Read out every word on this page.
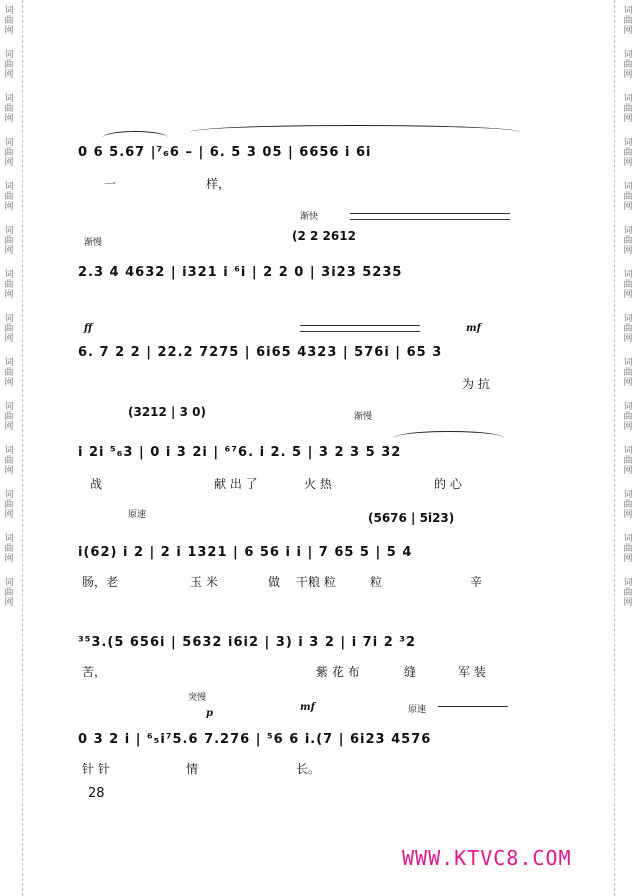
词
曲
网
词
曲
网
词
曲
网
词
曲
网
词
曲
网
词
曲
网
词
曲
网
词
曲
网
词
曲
网
词
曲
网
词
曲
网
词
曲
网
词
曲
网
词
曲
网
词
曲
网
词
曲
网
词
曲
网
词
曲
网
词
曲
网
词
曲
网
词
曲
网
词
曲
网
词
曲
网
词
曲
网
词
曲
网
词
曲
网
词
曲
网
词
曲
网
0 6 5.67 |⁷₆6 – | 6. 5 3 05 | 6656 i 6i
一	样，
渐慢
渐快
(2 2 2612
2.3 4 4632 | i321 i ⁶i | 2 2 0 | 3i23 5235
ff	mf
6. 7 2 2 | 22.2 7275 | 6i65 4323 | 576i | 65 3
为 抗
(3212 | 3 0)	渐慢
i 2i ⁵₆3 | 0 i 3 2i | ⁶⁷6. i 2. 5 | 3 2 3 5 32
战	献 出 了	火 热	的 心
原速	(5676 | 5i23)
i(62) i 2 | 2 i 1321 | 6 56 i i | 7 65 5 | 5 4
肠，老	玉 米	做 干粮 粒	粒	辛
³⁵3.(5 656i | 5632 i6i2 | 3) i 3 2 | i 7i 2 ³2
苦，	紫 花 布	缝	军 装
突慢
p
mf	原速
0 3 2 i | ⁶₅i⁷5.6 7.276 | ⁵6 6 i.(7 | 6i23 4576
针 针	情	长。
28
WWW.KTVC8.COM
